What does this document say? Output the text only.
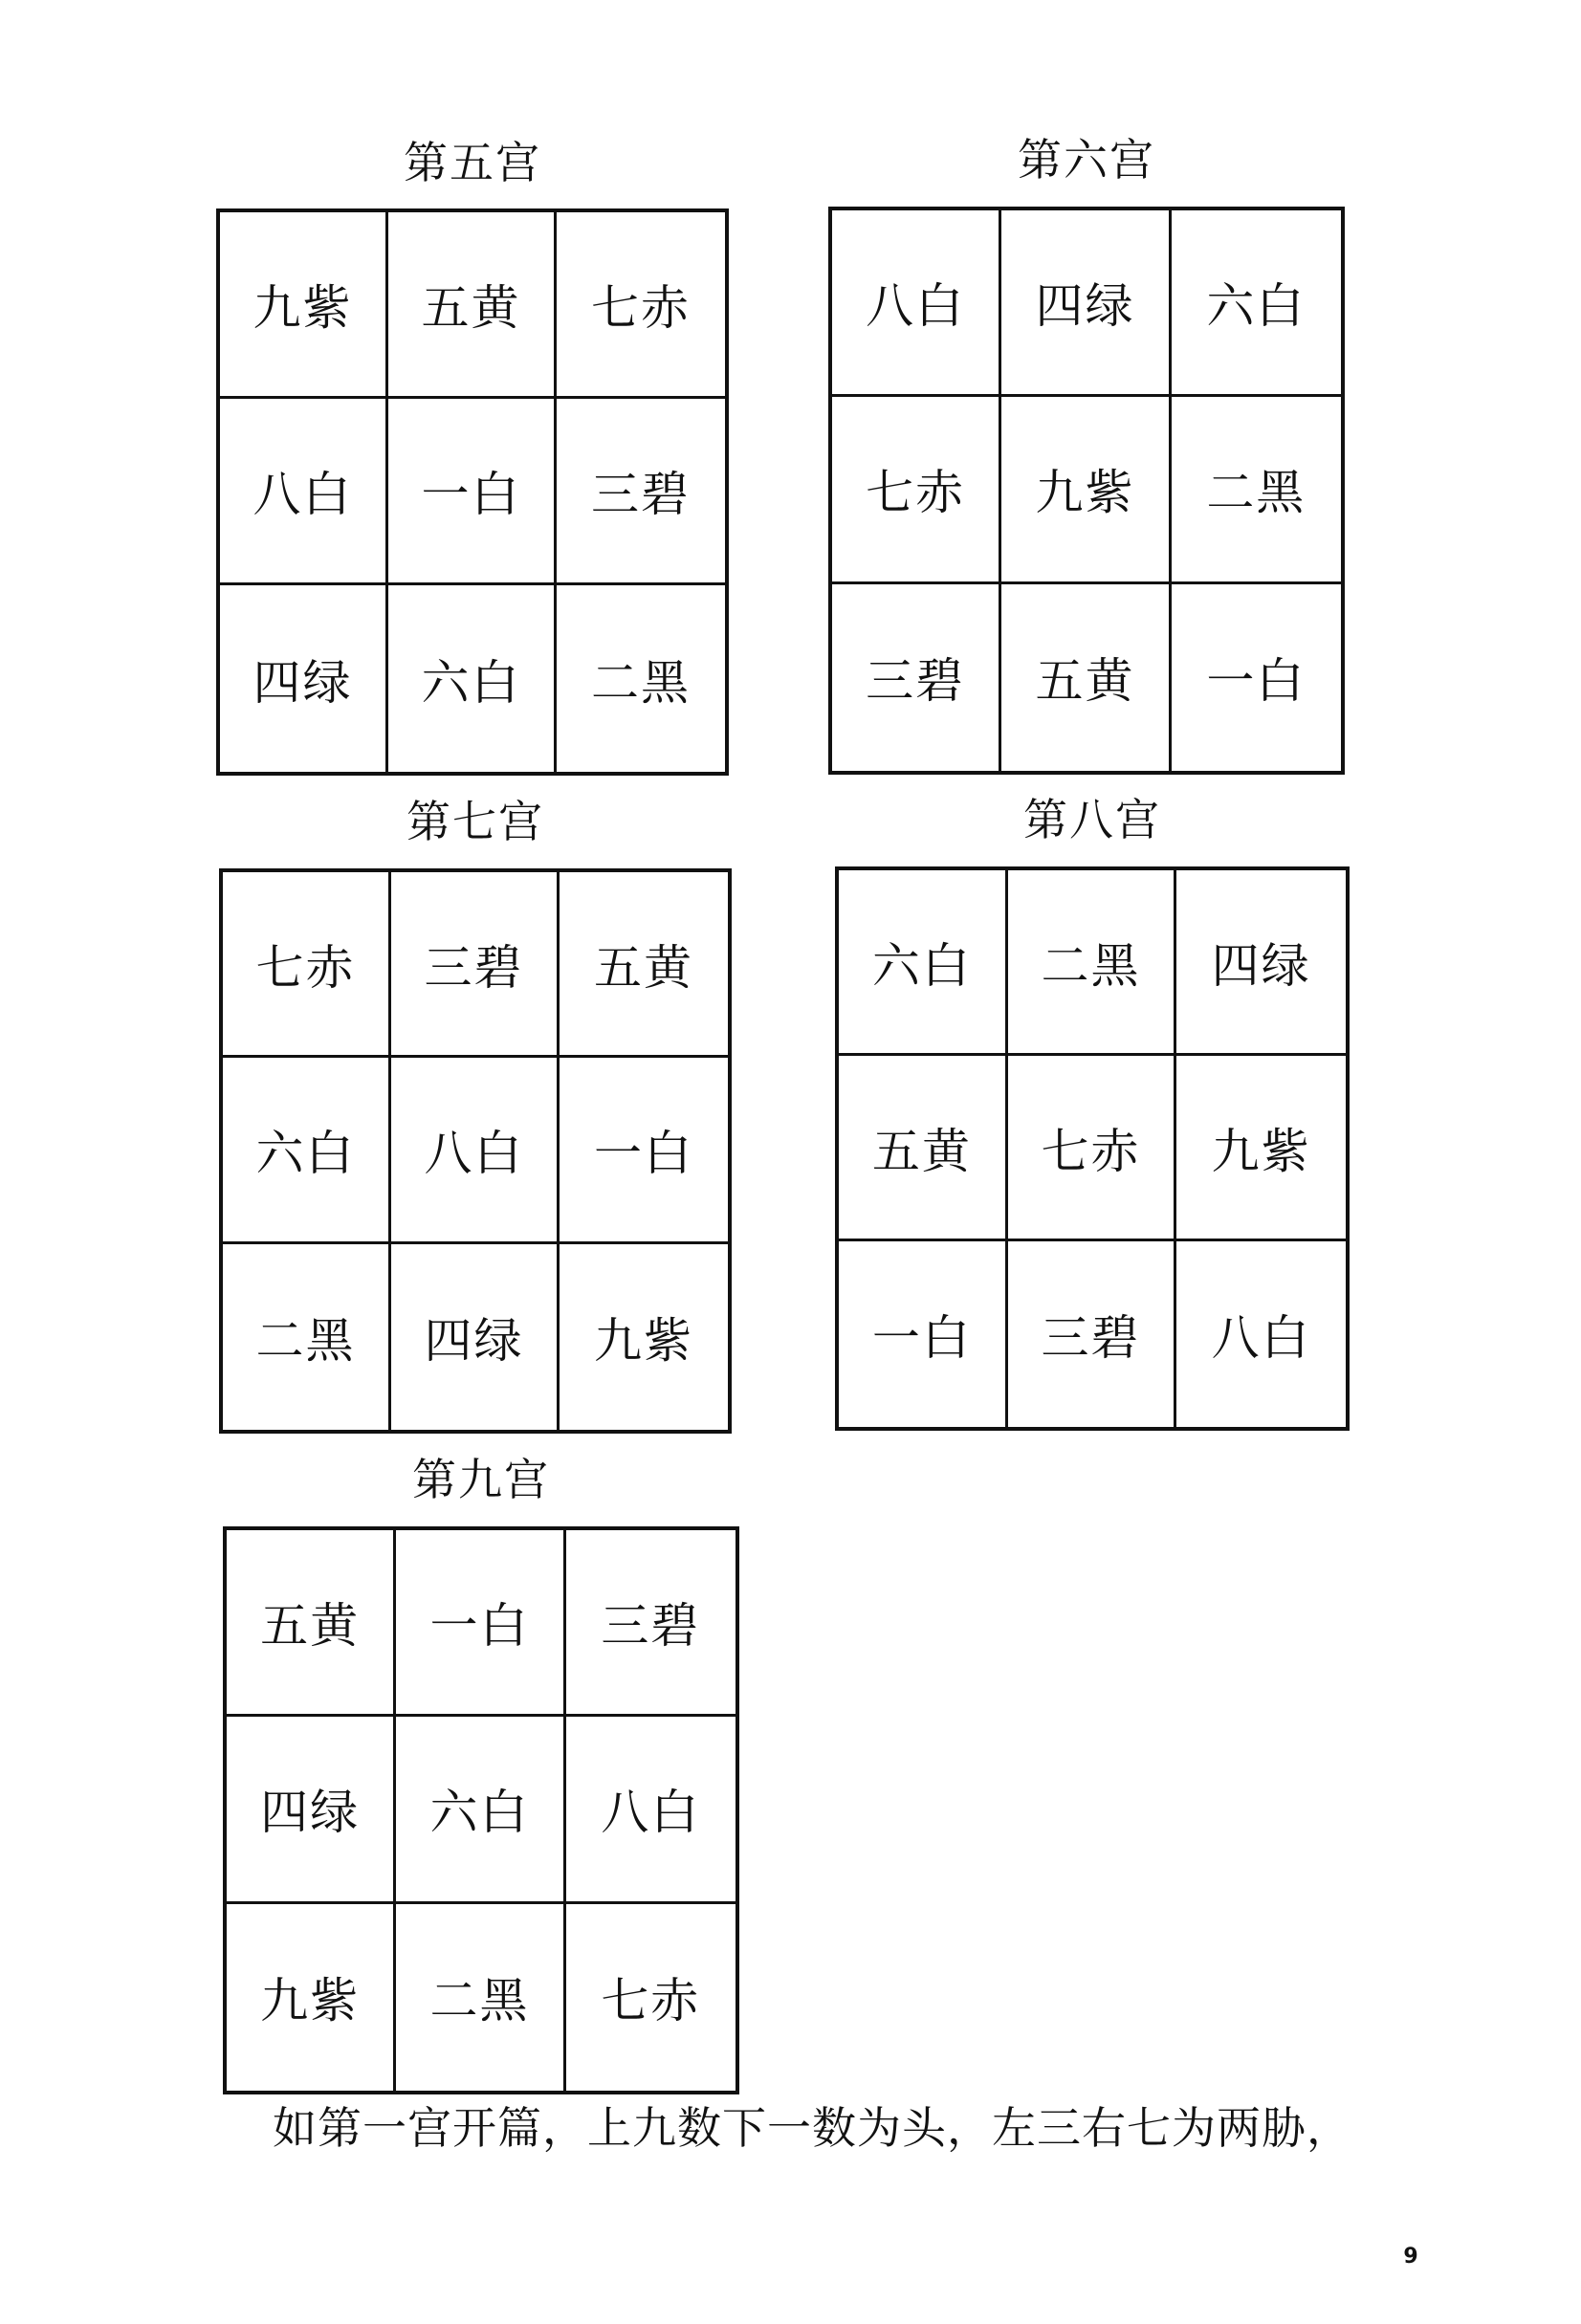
第五宫
九紫	五黄	七赤
八白	一白	三碧
四绿	六白	二黑
第六宫
八白	四绿	六白
七赤	九紫	二黑
三碧	五黄	一白
第七宫
七赤	三碧	五黄
六白	八白	一白
二黑	四绿	九紫
第八宫
六白	二黑	四绿
五黄	七赤	九紫
一白	三碧	八白
第九宫
五黄	一白	三碧
四绿	六白	八白
九紫	二黑	七赤

如第一宫开篇，上九数下一数为头，左三右七为两胁，

9
